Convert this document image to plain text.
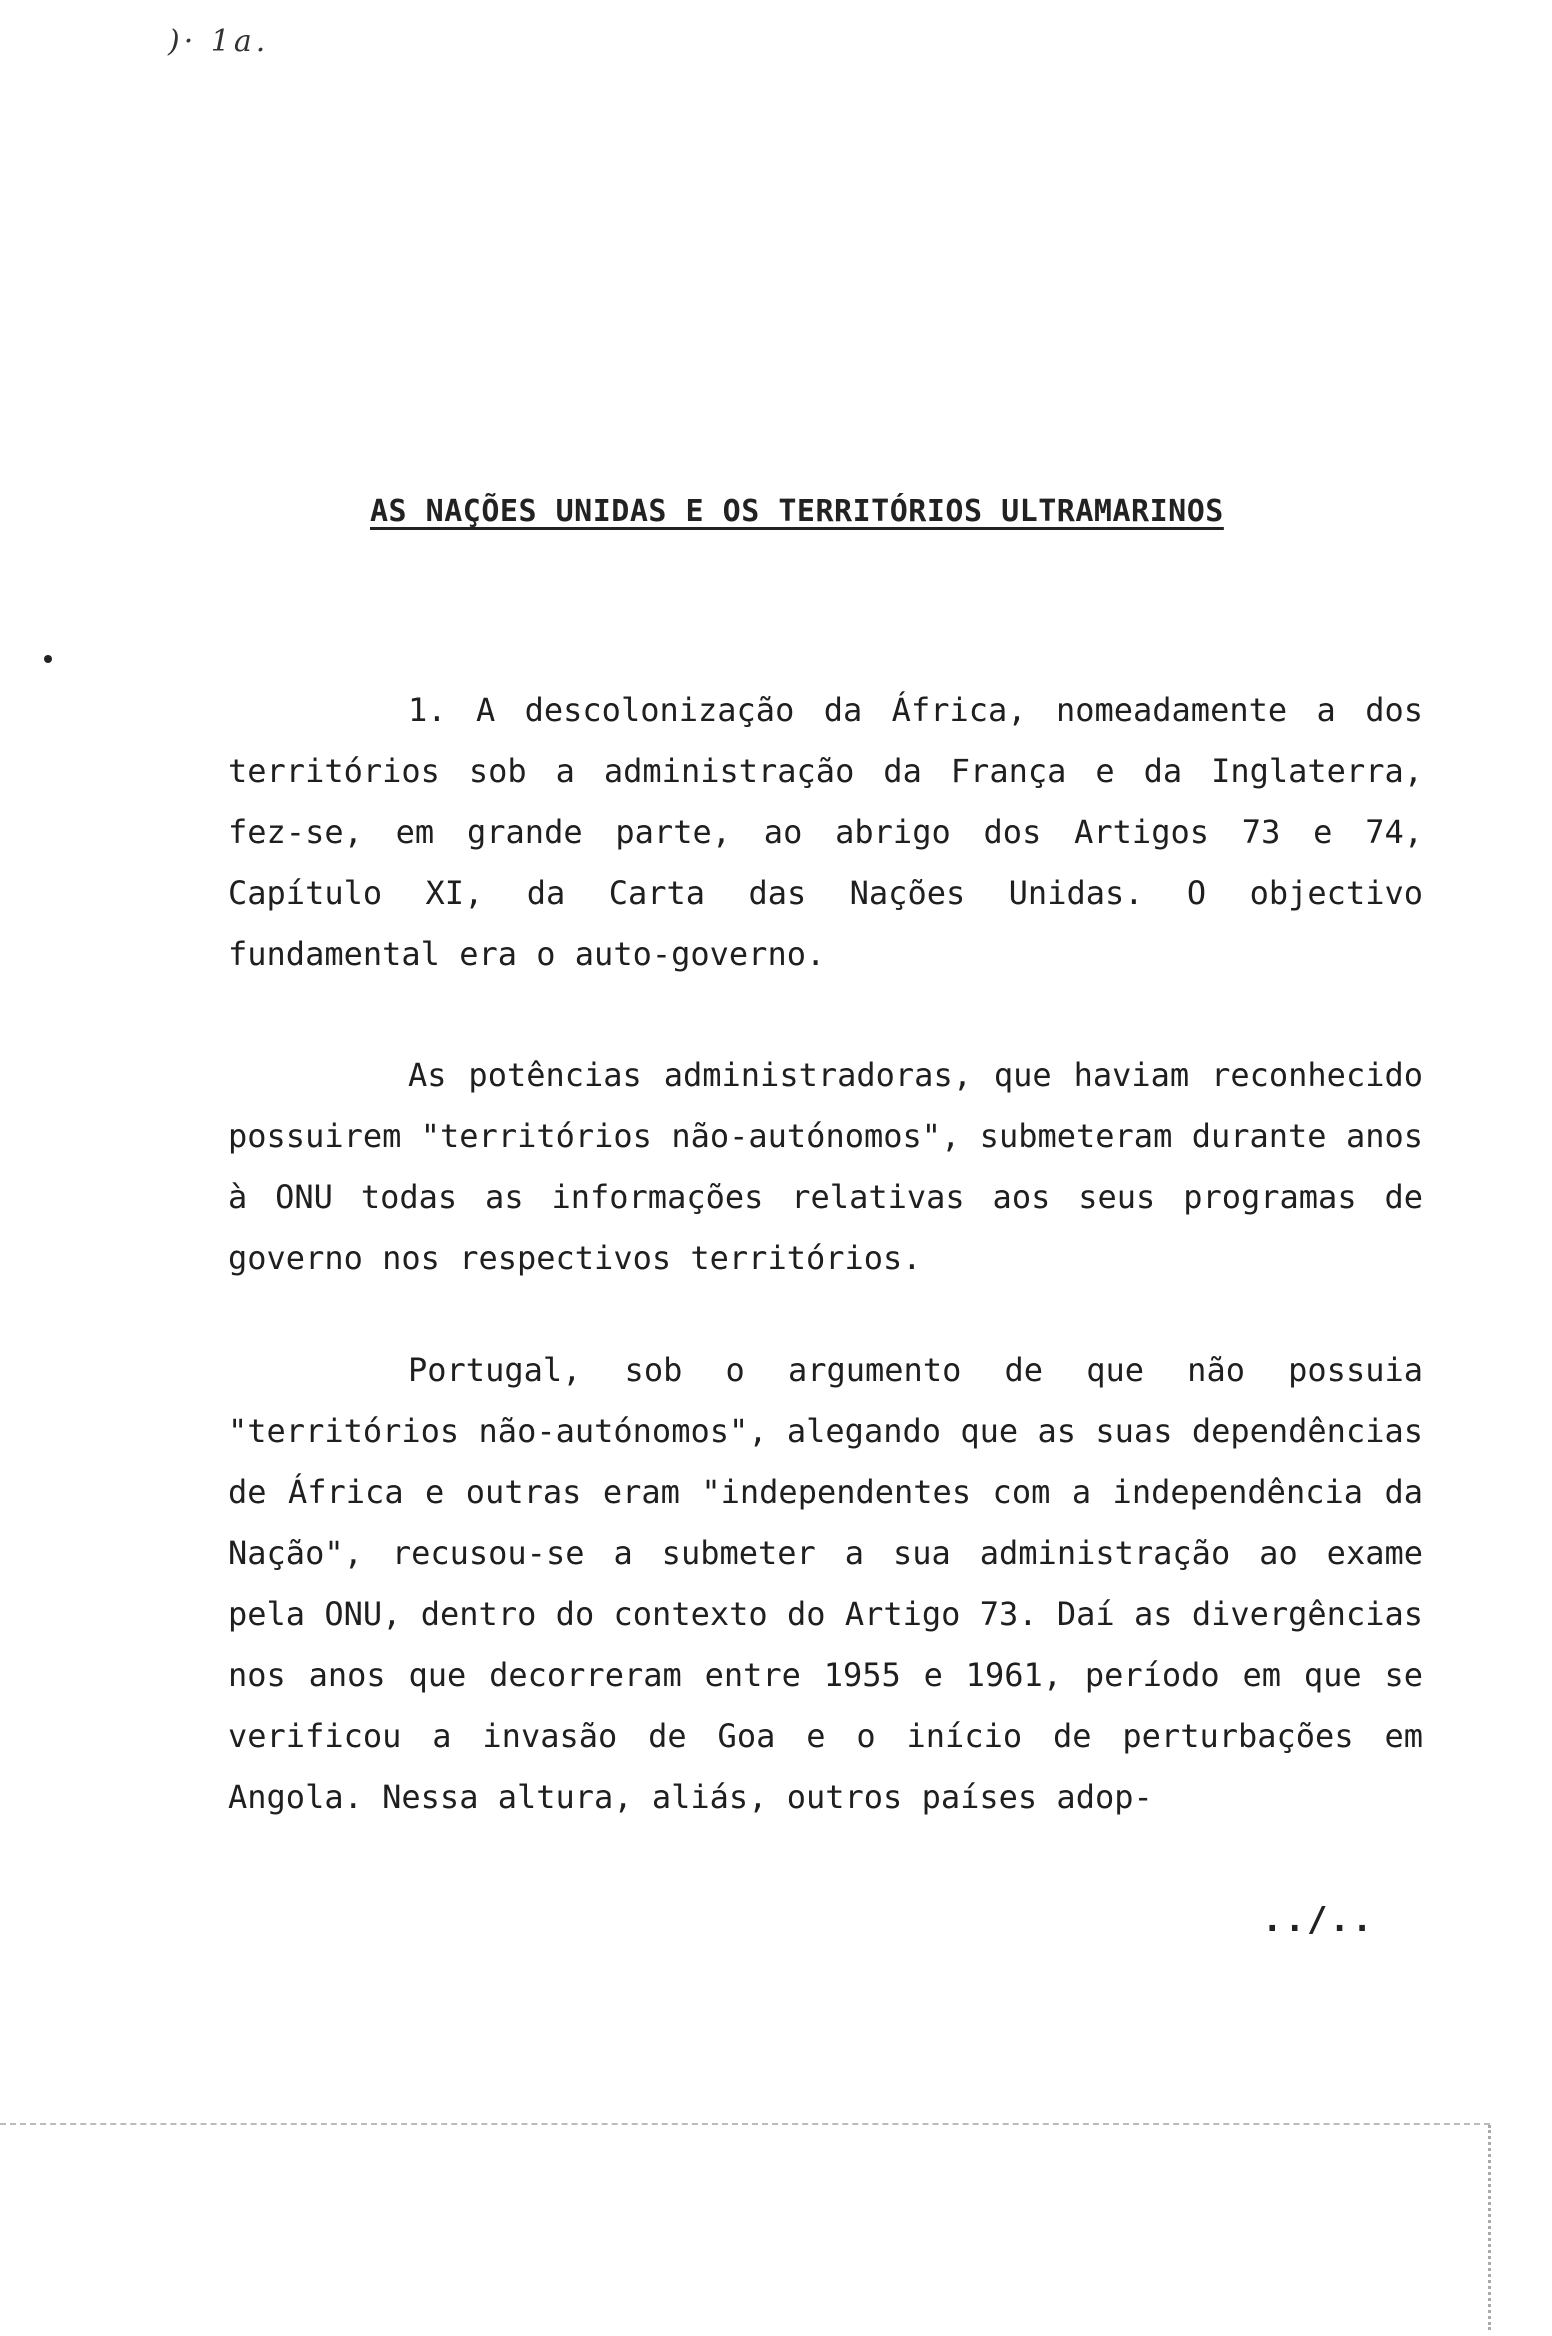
)· 1a.
AS NAÇÕES UNIDAS E OS TERRITÓRIOS ULTRAMARINOS

1. A descolonização da África, nomeadamente a dos territórios sob a administração da França e da Inglaterra, fez-se, em grande parte, ao abrigo dos Artigos 73 e 74, Capítulo XI, da Carta das Nações Unidas. O objectivo fundamental era o auto-governo.

As potências administradoras, que haviam reconhecido possuirem "territórios não-autónomos", submeteram durante anos à ONU todas as informações relativas aos seus programas de governo nos respectivos territórios.

Portugal, sob o argumento de que não possuia "territórios não-autónomos", alegando que as suas dependências de África e outras eram "independentes com a independência da Nação", recusou-se a submeter a sua administração ao exame pela ONU, dentro do contexto do Artigo 73. Daí as divergências nos anos que decorreram entre 1955 e 1961, período em que se verificou a invasão de Goa e o início de perturbações em Angola. Nessa altura, aliás, outros países adop-

../..
